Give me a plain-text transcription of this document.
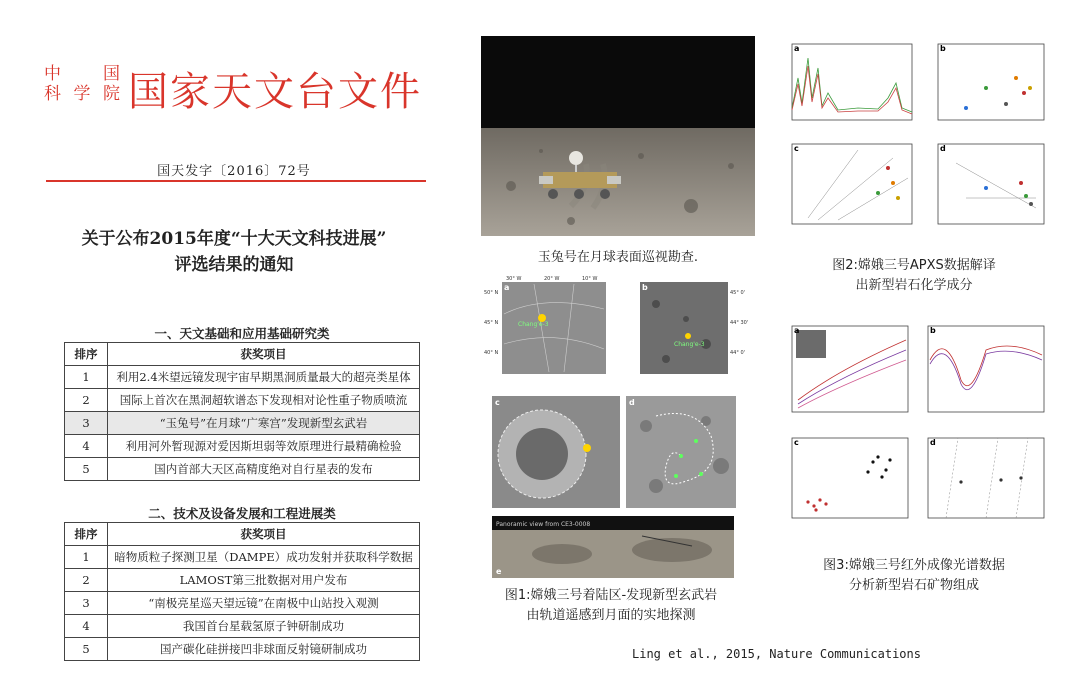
中 国
科学院 国家天文台文件
国天发字〔2016〕72号
关于公布2015年度“十大天文科技进展”
评选结果的通知
一、天文基础和应用基础研究类
排序	获奖项目
1	利用2.4米望远镜发现宇宙早期黑洞质量最大的超亮类星体
2	国际上首次在黑洞超软谱态下发现相对论性重子物质喷流
3	“玉兔号”在月球“广寒宫”发现新型玄武岩
4	利用河外暂现源对爱因斯坦弱等效原理进行最精确检验
5	国内首部大天区高精度绝对自行星表的发布
二、技术及设备发展和工程进展类
排序	获奖项目
1	暗物质粒子探测卫星（DAMPE）成功发射并获取科学数据
2	LAMOST第三批数据对用户发布
3	“南极亮星巡天望远镜”在南极中山站投入观测
4	我国首台星载氢原子钟研制成功
5	国产碳化硅拼接凹非球面反射镜研制成功
玉兔号在月球表面巡视勘查.
Chang'e-3
a
50° N
45° N
40° N
30° W	20° W	10° W
Chang'e-3
b
45° 0'
44° 30'
44° 0'
c	d
Panoramic view from CE3-0008
e
图1:嫦娥三号着陆区-发现新型玄武岩
由轨道遥感到月面的实地探测
a	b
c	d
图2:嫦娥三号APXS数据解译
出新型岩石化学成分
a	b
c	d
图3:嫦娥三号红外成像光谱数据
分析新型岩石矿物组成
Ling et al., 2015, Nature Communications
